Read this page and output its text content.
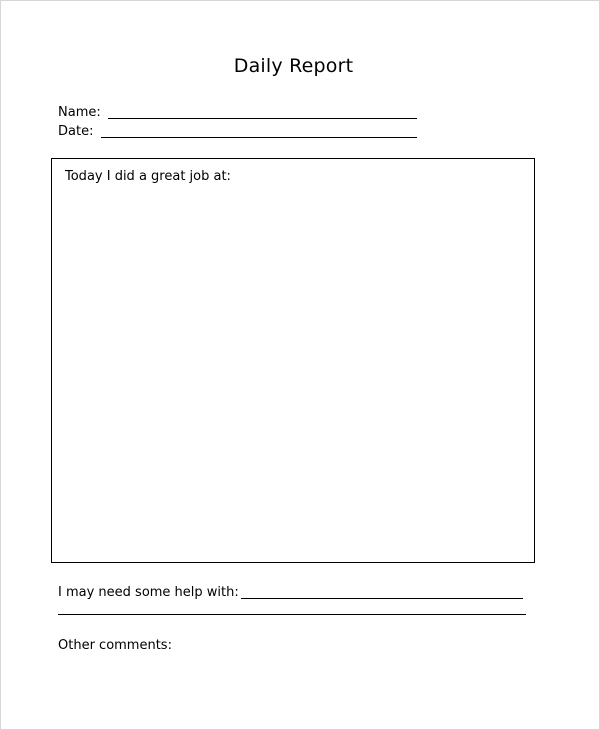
Daily Report
Name:
Date:
Today I did a great job at:
I may need some help with:
Other comments:
